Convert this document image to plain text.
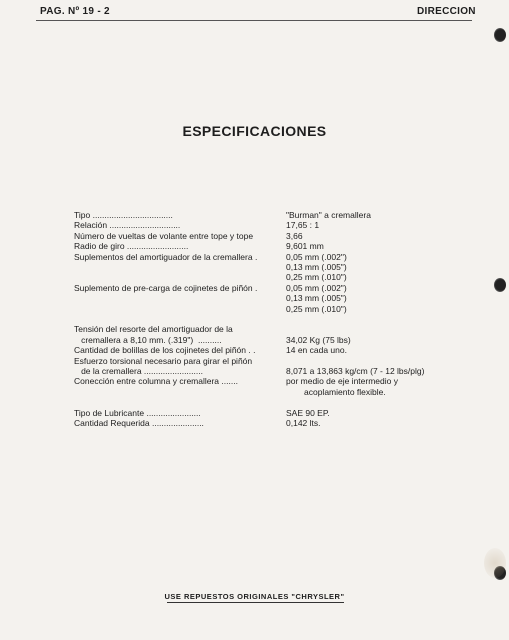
PAG. Nº 19 - 2	DIRECCION
ESPECIFICACIONES
Tipo ..................................	"Burman" a cremallera
Relación ..............................	17,65 : 1
Número de vueltas de volante entre tope y tope	3,66
Radio de giro ..........................	9,601 mm
Suplementos del amortiguador de la cremallera .	0,05 mm (.002'')
0,13 mm (.005")
0,25 mm (.010")
Suplemento de pre-carga de cojinetes de piñón .	0,05 mm (.002")
0,13 mm (.005")
0,25 mm (.010")
Tensión del resorte del amortiguador de la
cremallera a 8,10 mm. (.319")  ..........
	34,02 Kg (75 lbs)
Cantidad de bolillas de los cojinetes del piñón . .	14 en cada uno.
Esfuerzo torsional necesario para girar el piñón
de la cremallera .........................
	8,071 a 13,863 kg/cm (7 - 12 lbs/plg)
Conección entre columna y cremallera .......	por medio de eje intermedio y
acoplamiento flexible.
Tipo de Lubricante .......................	SAE 90 EP.
Cantidad Requerida ......................	0,142 lts.
USE REPUESTOS ORIGINALES "CHRYSLER"
